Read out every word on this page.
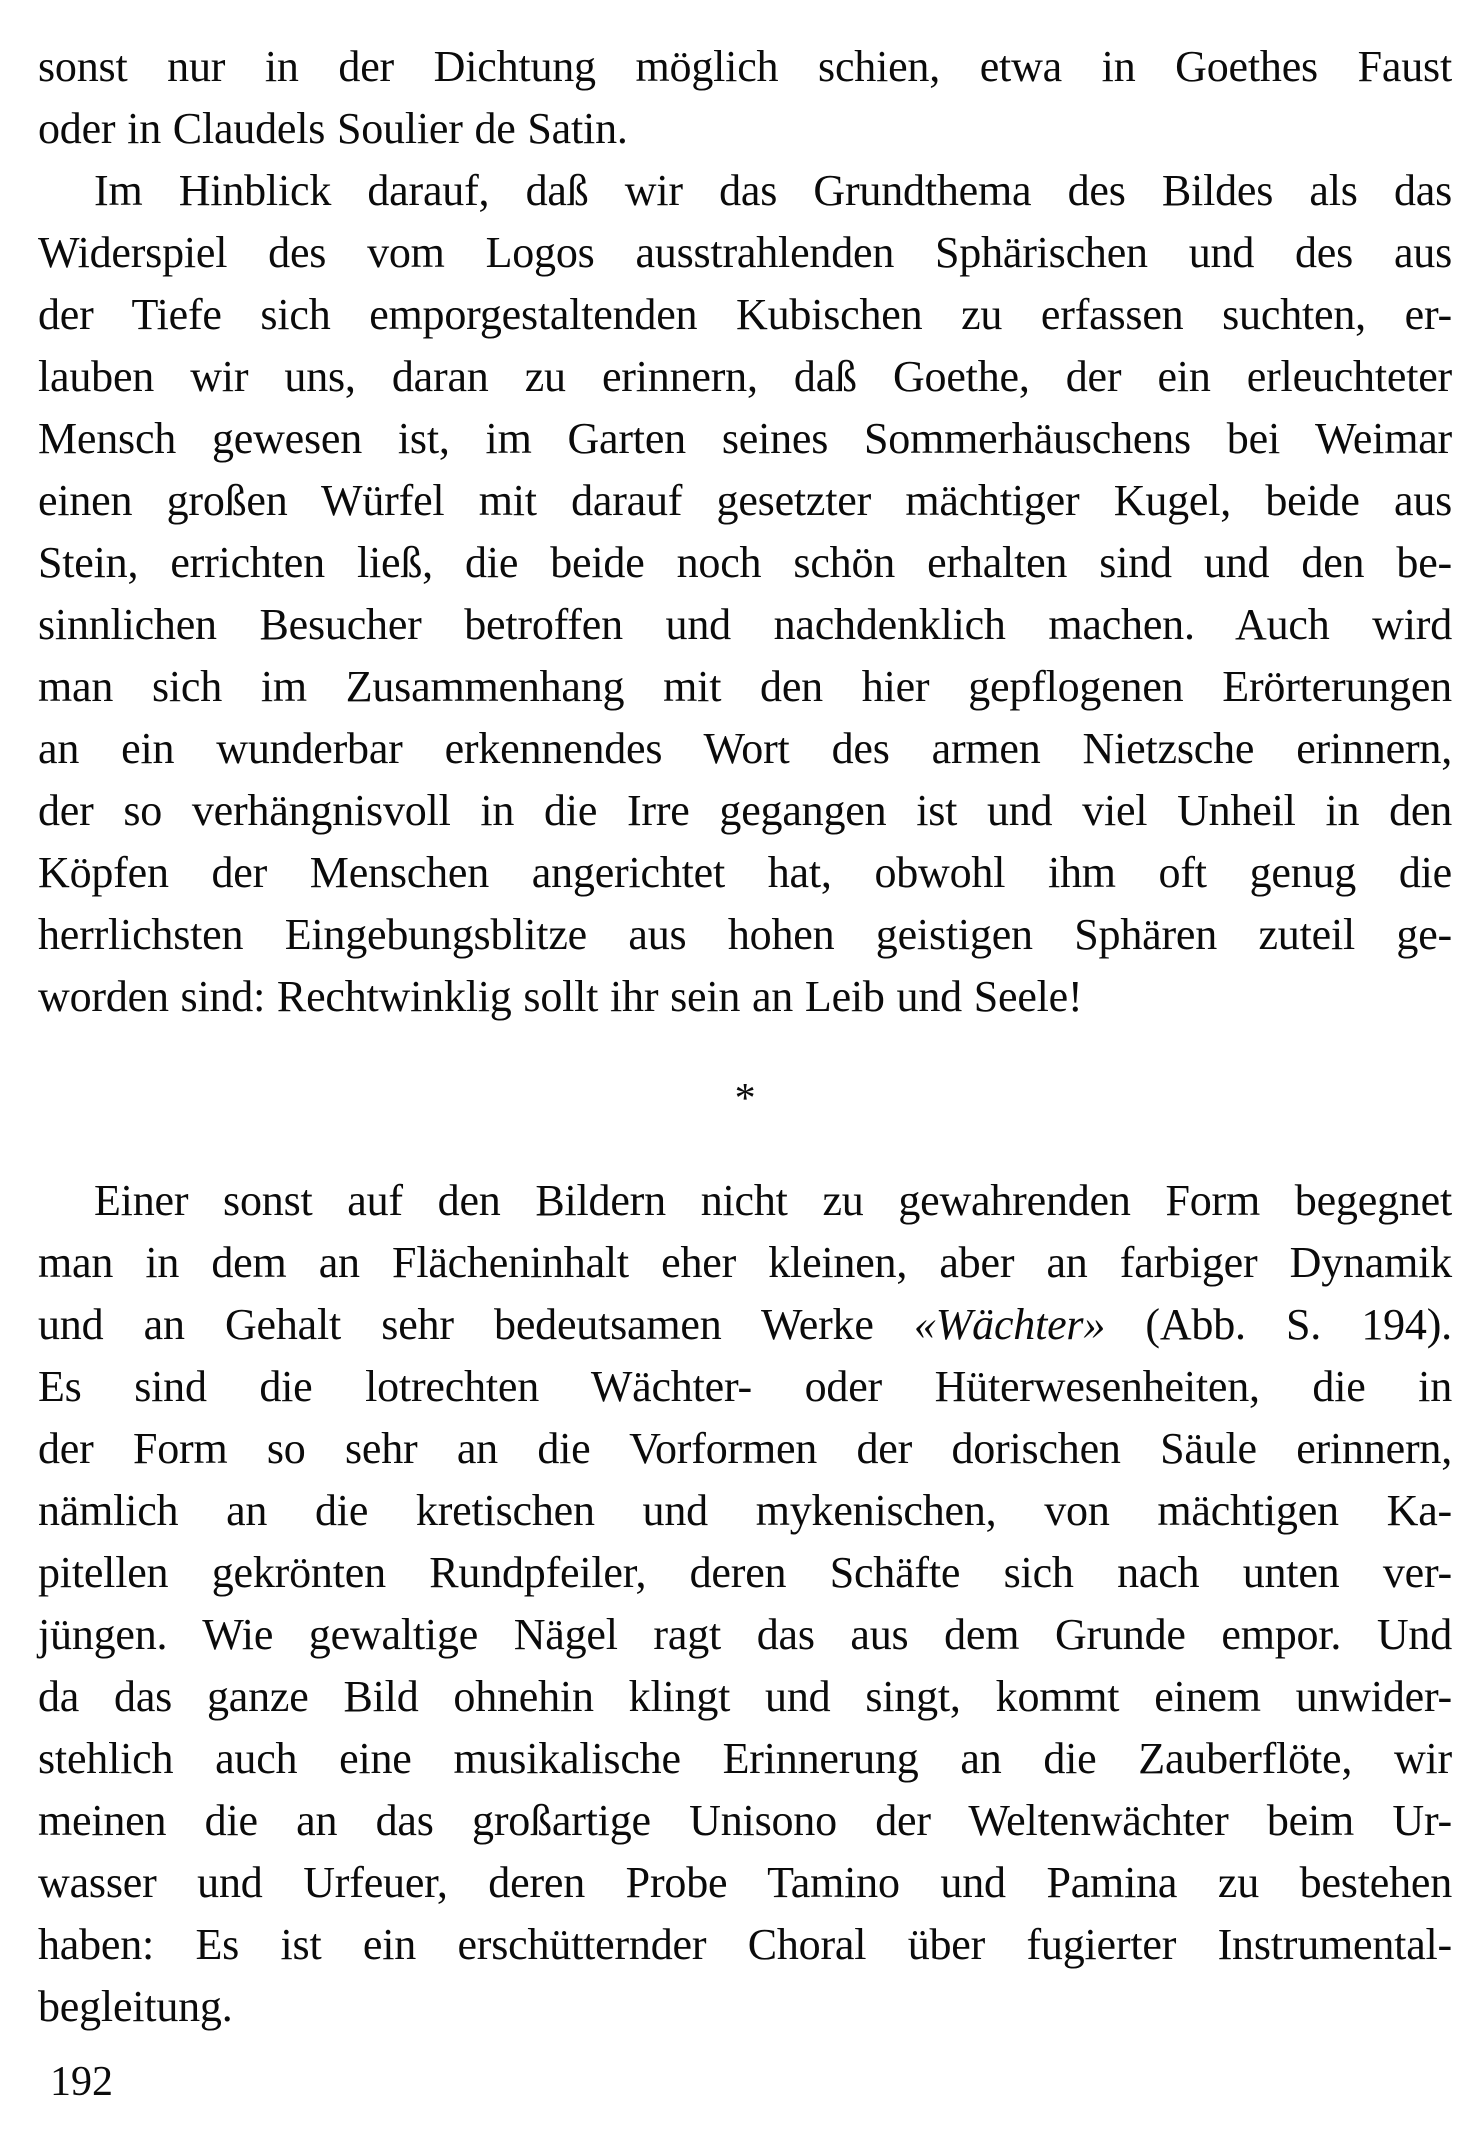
sonst nur in der Dichtung möglich schien, etwa in Goethes Faust
oder in Claudels Soulier de Satin.
Im Hinblick darauf, daß wir das Grundthema des Bildes als das
Widerspiel des vom Logos ausstrahlenden Sphärischen und des aus
der Tiefe sich emporgestaltenden Kubischen zu erfassen suchten, er-
lauben wir uns, daran zu erinnern, daß Goethe, der ein erleuchteter
Mensch gewesen ist, im Garten seines Sommerhäuschens bei Weimar
einen großen Würfel mit darauf gesetzter mächtiger Kugel, beide aus
Stein, errichten ließ, die beide noch schön erhalten sind und den be-
sinnlichen Besucher betroffen und nachdenklich machen. Auch wird
man sich im Zusammenhang mit den hier gepflogenen Erörterungen
an ein wunderbar erkennendes Wort des armen Nietzsche erinnern,
der so verhängnisvoll in die Irre gegangen ist und viel Unheil in den
Köpfen der Menschen angerichtet hat, obwohl ihm oft genug die
herrlichsten Eingebungsblitze aus hohen geistigen Sphären zuteil ge-
worden sind: Rechtwinklig sollt ihr sein an Leib und Seele!
*
Einer sonst auf den Bildern nicht zu gewahrenden Form begegnet
man in dem an Flächeninhalt eher kleinen, aber an farbiger Dynamik
und an Gehalt sehr bedeutsamen Werke «Wächter» (Abb. S. 194).
Es sind die lotrechten Wächter- oder Hüterwesenheiten, die in
der Form so sehr an die Vorformen der dorischen Säule erinnern,
nämlich an die kretischen und mykenischen, von mächtigen Ka-
pitellen gekrönten Rundpfeiler, deren Schäfte sich nach unten ver-
jüngen. Wie gewaltige Nägel ragt das aus dem Grunde empor. Und
da das ganze Bild ohnehin klingt und singt, kommt einem unwider-
stehlich auch eine musikalische Erinnerung an die Zauberflöte, wir
meinen die an das großartige Unisono der Weltenwächter beim Ur-
wasser und Urfeuer, deren Probe Tamino und Pamina zu bestehen
haben: Es ist ein erschütternder Choral über fugierter Instrumental-
begleitung.
192
